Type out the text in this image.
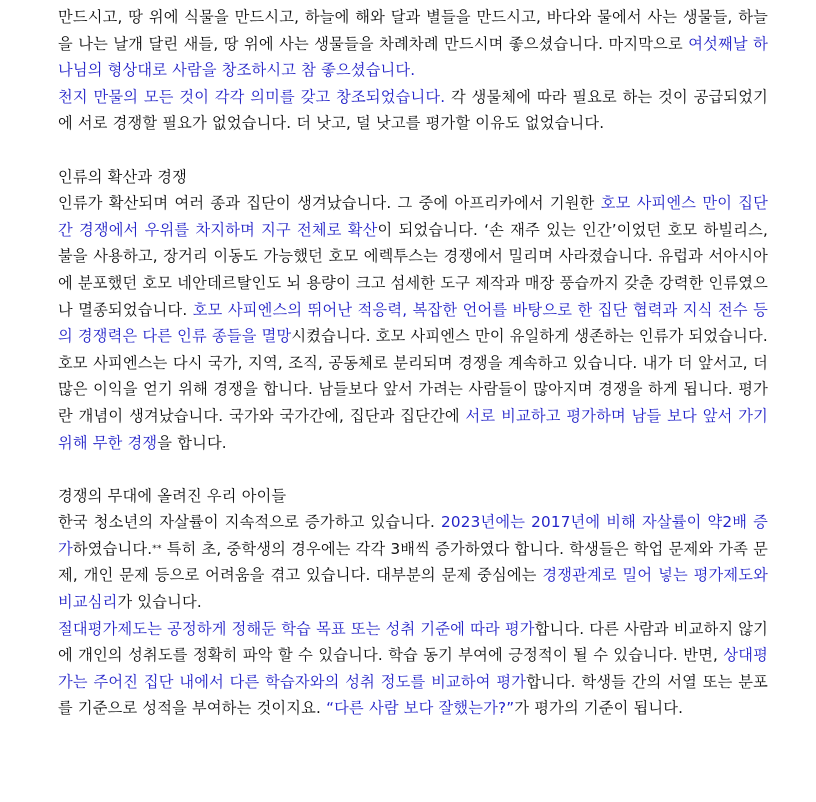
만드시고, 땅 위에 식물을 만드시고, 하늘에 해와 달과 별들을 만드시고, 바다와 물에서 사는 생물들, 하늘을 나는 날개 달린 새들, 땅 위에 사는 생물들을 차례차례 만드시며 좋으셨습니다. 마지막으로 여섯째날 하나님의 형상대로 사람을 창조하시고 참 좋으셨습니다.

천지 만물의 모든 것이 각각 의미를 갖고 창조되었습니다. 각 생물체에 따라 필요로 하는 것이 공급되었기에 서로 경쟁할 필요가 없었습니다. 더 낫고, 덜 낫고를 평가할 이유도 없었습니다.

인류의 확산과 경쟁

인류가 확산되며 여러 종과 집단이 생겨났습니다. 그 중에 아프리카에서 기원한 호모 사피엔스 만이 집단 간 경쟁에서 우위를 차지하며 지구 전체로 확산이 되었습니다. ‘손 재주 있는 인간’이었던 호모 하빌리스, 불을 사용하고, 장거리 이동도 가능했던 호모 에렉투스는 경쟁에서 밀리며 사라졌습니다. 유럽과 서아시아에 분포했던 호모 네안데르탈인도 뇌 용량이 크고 섬세한 도구 제작과 매장 풍습까지 갖춘 강력한 인류였으나 멸종되었습니다. 호모 사피엔스의 뛰어난 적응력, 복잡한 언어를 바탕으로 한 집단 협력과 지식 전수 등의 경쟁력은 다른 인류 종들을 멸망시켰습니다. 호모 사피엔스 만이 유일하게 생존하는 인류가 되었습니다.

호모 사피엔스는 다시 국가, 지역, 조직, 공동체로 분리되며 경쟁을 계속하고 있습니다. 내가 더 앞서고, 더 많은 이익을 얻기 위해 경쟁을 합니다. 남들보다 앞서 가려는 사람들이 많아지며 경쟁을 하게 됩니다. 평가란 개념이 생겨났습니다. 국가와 국가간에, 집단과 집단간에 서로 비교하고 평가하며 남들 보다 앞서 가기 위해 무한 경쟁을 합니다.

경쟁의 무대에 올려진 우리 아이들

한국 청소년의 자살률이 지속적으로 증가하고 있습니다. 2023년에는 2017년에 비해 자살률이 약2배 증가하였습니다.** 특히 초, 중학생의 경우에는 각각 3배씩 증가하였다 합니다. 학생들은 학업 문제와 가족 문제, 개인 문제 등으로 어려움을 겪고 있습니다. 대부분의 문제 중심에는 경쟁관계로 밀어 넣는 평가제도와 비교심리가 있습니다.

절대평가제도는 공정하게 정해둔 학습 목표 또는 성취 기준에 따라 평가합니다. 다른 사람과 비교하지 않기에 개인의 성취도를 정확히 파악 할 수 있습니다. 학습 동기 부여에 긍정적이 될 수 있습니다. 반면, 상대평가는 주어진 집단 내에서 다른 학습자와의 성취 정도를 비교하여 평가합니다. 학생들 간의 서열 또는 분포를 기준으로 성적을 부여하는 것이지요. “다른 사람 보다 잘했는가?”가 평가의 기준이 됩니다.
